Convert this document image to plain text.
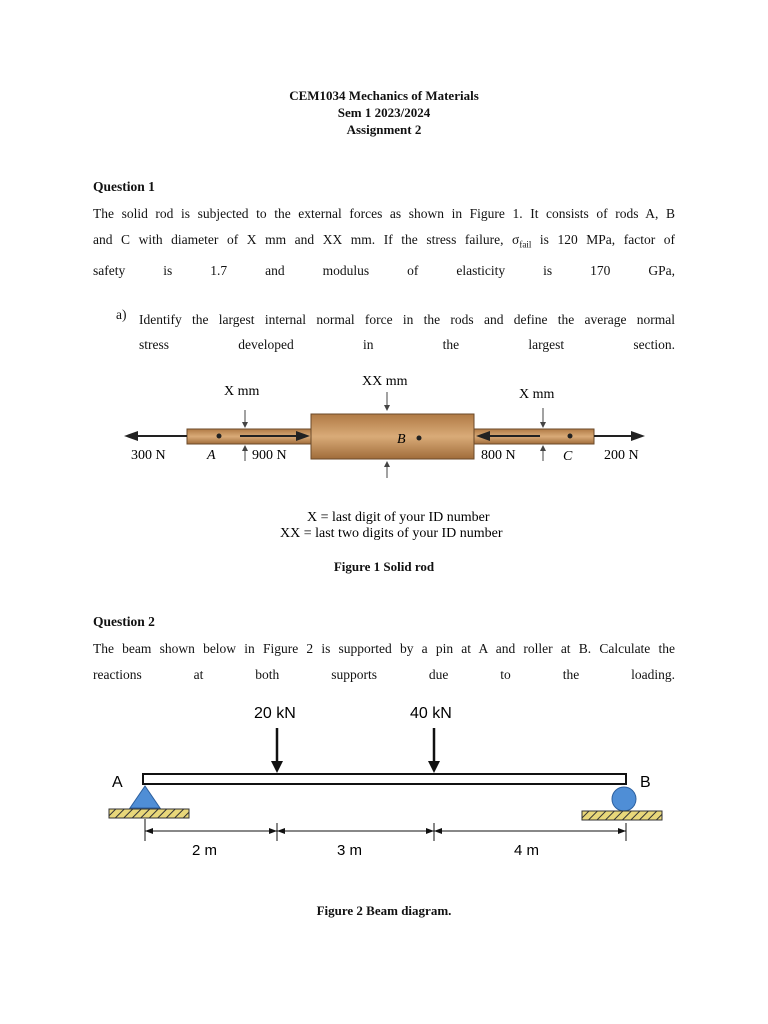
CEM1034 Mechanics of Materials
Sem 1 2023/2024
Assignment 2
Question 1
The solid rod is subjected to the external forces as shown in Figure 1. It consists of rods A, B
and C with diameter of X mm and XX mm. If the stress failure, $\sigma_{fail}$ is 120 MPa, factor of
safety is 1.7 and modulus of elasticity is 170 GPa,
a) Identify the largest internal normal force in the rods and define the average normal
stress developed in the largest section.
X mm
XX mm
X mm
300 N	A	900 N
B
800 N	C 200 N
X = last digit of your ID number
XX = last two digits of your ID number
Figure 1 Solid rod
Question 2
The beam shown below in Figure 2 is supported by a pin at A and roller at B. Calculate the
reactions at both supports due to the loading.
20 kN	40 kN
A	B
2 m	3 m	4 m
Figure 2 Beam diagram.
